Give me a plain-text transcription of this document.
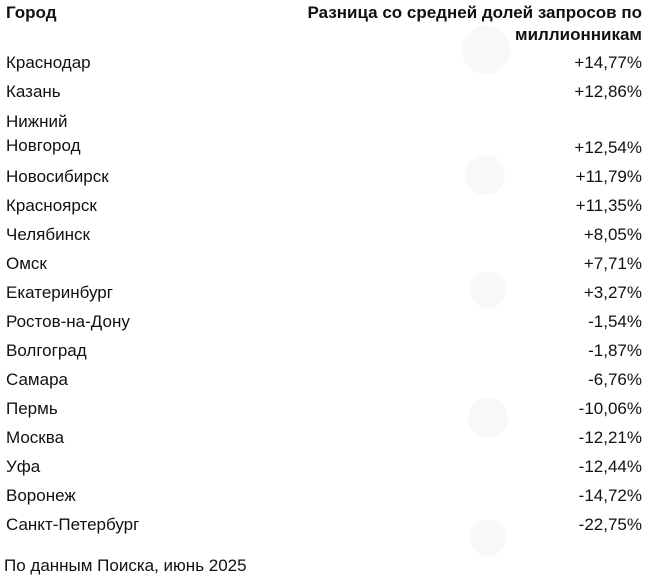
Город	Разница со средней долей запросов по миллионникам
Краснодар	+14,77%
Казань	+12,86%
Нижний Новгород	+12,54%
Новосибирск	+11,79%
Красноярск	+11,35%
Челябинск	+8,05%
Омск	+7,71%
Екатеринбург	+3,27%
Ростов-на-Дону	-1,54%
Волгоград	-1,87%
Самара	-6,76%
Пермь	-10,06%
Москва	-12,21%
Уфа	-12,44%
Воронеж	-14,72%
Санкт-Петербург	-22,75%
По данным Поиска, июнь 2025
